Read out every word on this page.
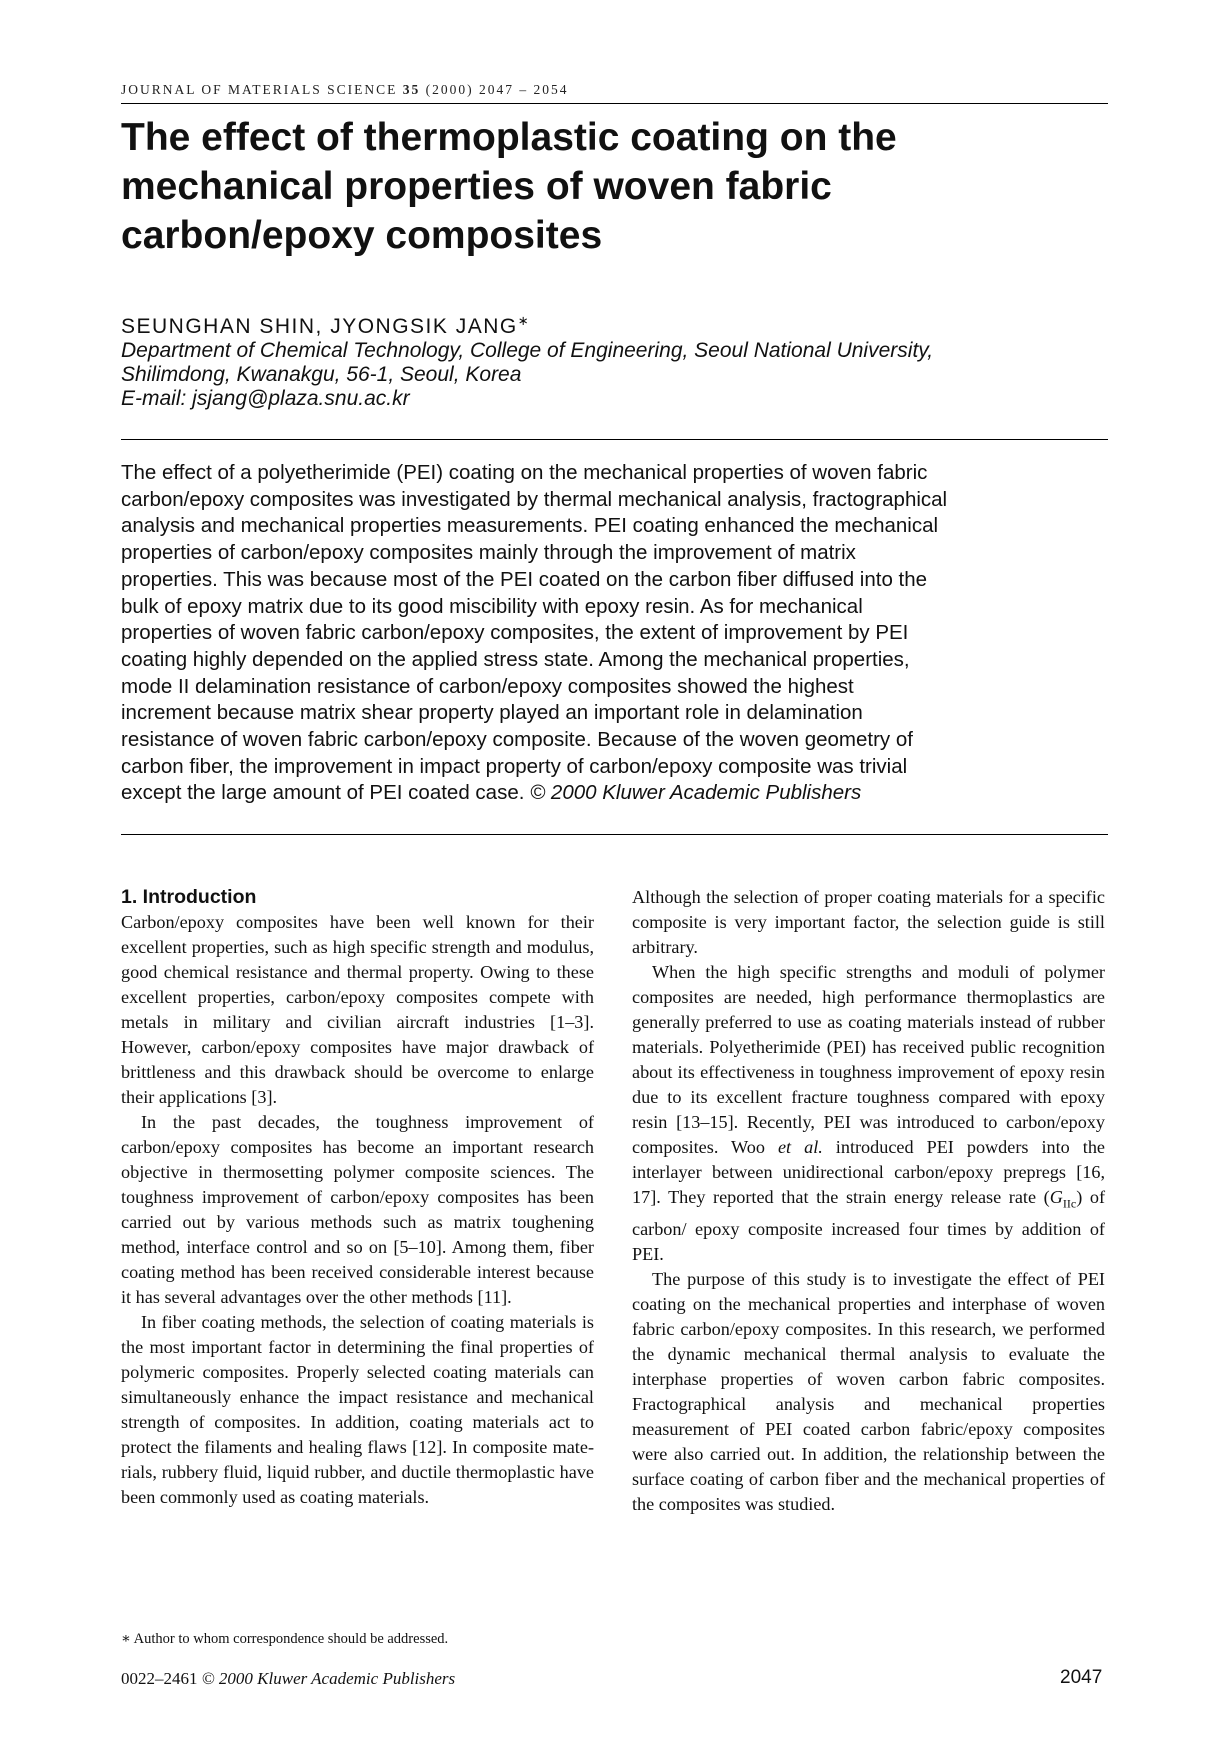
JOURNAL OF MATERIALS SCIENCE 35 (2000) 2047 – 2054
The effect of thermoplastic coating on the
mechanical properties of woven fabric
carbon/epoxy composites
SEUNGHAN SHIN, JYONGSIK JANG∗
Department of Chemical Technology, College of Engineering, Seoul National University,
Shilimdong, Kwanakgu, 56-1, Seoul, Korea
E-mail: jsjang@plaza.snu.ac.kr
The effect of a polyetherimide (PEI) coating on the mechanical properties of woven fabric
carbon/epoxy composites was investigated by thermal mechanical analysis, fractographical
analysis and mechanical properties measurements. PEI coating enhanced the mechanical
properties of carbon/epoxy composites mainly through the improvement of matrix
properties. This was because most of the PEI coated on the carbon fiber diffused into the
bulk of epoxy matrix due to its good miscibility with epoxy resin. As for mechanical
properties of woven fabric carbon/epoxy composites, the extent of improvement by PEI
coating highly depended on the applied stress state. Among the mechanical properties,
mode II delamination resistance of carbon/epoxy composites showed the highest
increment because matrix shear property played an important role in delamination
resistance of woven fabric carbon/epoxy composite. Because of the woven geometry of
carbon fiber, the improvement in impact property of carbon/epoxy composite was trivial
except the large amount of PEI coated case. © 2000 Kluwer Academic Publishers
1. Introduction

Carbon/epoxy composites have been well known for their excellent properties, such as high specific strength and modulus, good chemical resistance and thermal property. Owing to these excellent properties, carbon/epoxy composites compete with metals in military and civilian aircraft industries [1–3]. However, carbon/epoxy composites have major drawback of brittleness and this drawback should be overcome to enlarge their applications [3].

In the past decades, the toughness improvement of carbon/epoxy composites has become an important research objective in thermosetting polymer composite sciences. The toughness improvement of carbon/epoxy composites has been carried out by various methods such as matrix toughening method, interface control and so on [5–10]. Among them, fiber coating method has been received considerable interest because it has several advantages over the other methods [11].

In fiber coating methods, the selection of coating materials is the most important factor in determining the final properties of polymeric composites. Properly selected coating materials can simultaneously enhance the impact resistance and mechanical strength of composites. In addition, coating materials act to protect the filaments and healing flaws [12]. In composite materials, rubbery fluid, liquid rubber, and ductile thermoplastic have been commonly used as coating materials.

Although the selection of proper coating materials for a specific composite is very important factor, the selection guide is still arbitrary.

When the high specific strengths and moduli of polymer composites are needed, high performance thermoplastics are generally preferred to use as coating materials instead of rubber materials. Polyetherimide (PEI) has received public recognition about its effectiveness in toughness improvement of epoxy resin due to its excellent fracture toughness compared with epoxy resin [13–15]. Recently, PEI was introduced to carbon/epoxy composites. Woo et al. introduced PEI powders into the interlayer between unidirectional carbon/epoxy prepregs [16, 17]. They reported that the strain energy release rate $(G_{IIc})$ of carbon/ epoxy composite increased four times by addition of PEI.

The purpose of this study is to investigate the effect of PEI coating on the mechanical properties and interphase of woven fabric carbon/epoxy composites. In this research, we performed the dynamic mechanical thermal analysis to evaluate the interphase properties of woven carbon fabric composites. Fractographical analysis and mechanical properties measurement of PEI coated carbon fabric/epoxy composites were also carried out. In addition, the relationship between the surface coating of carbon fiber and the mechanical properties of the composites was studied.

∗ Author to whom correspondence should be addressed.
0022–2461 © 2000 Kluwer Academic Publishers	2047
